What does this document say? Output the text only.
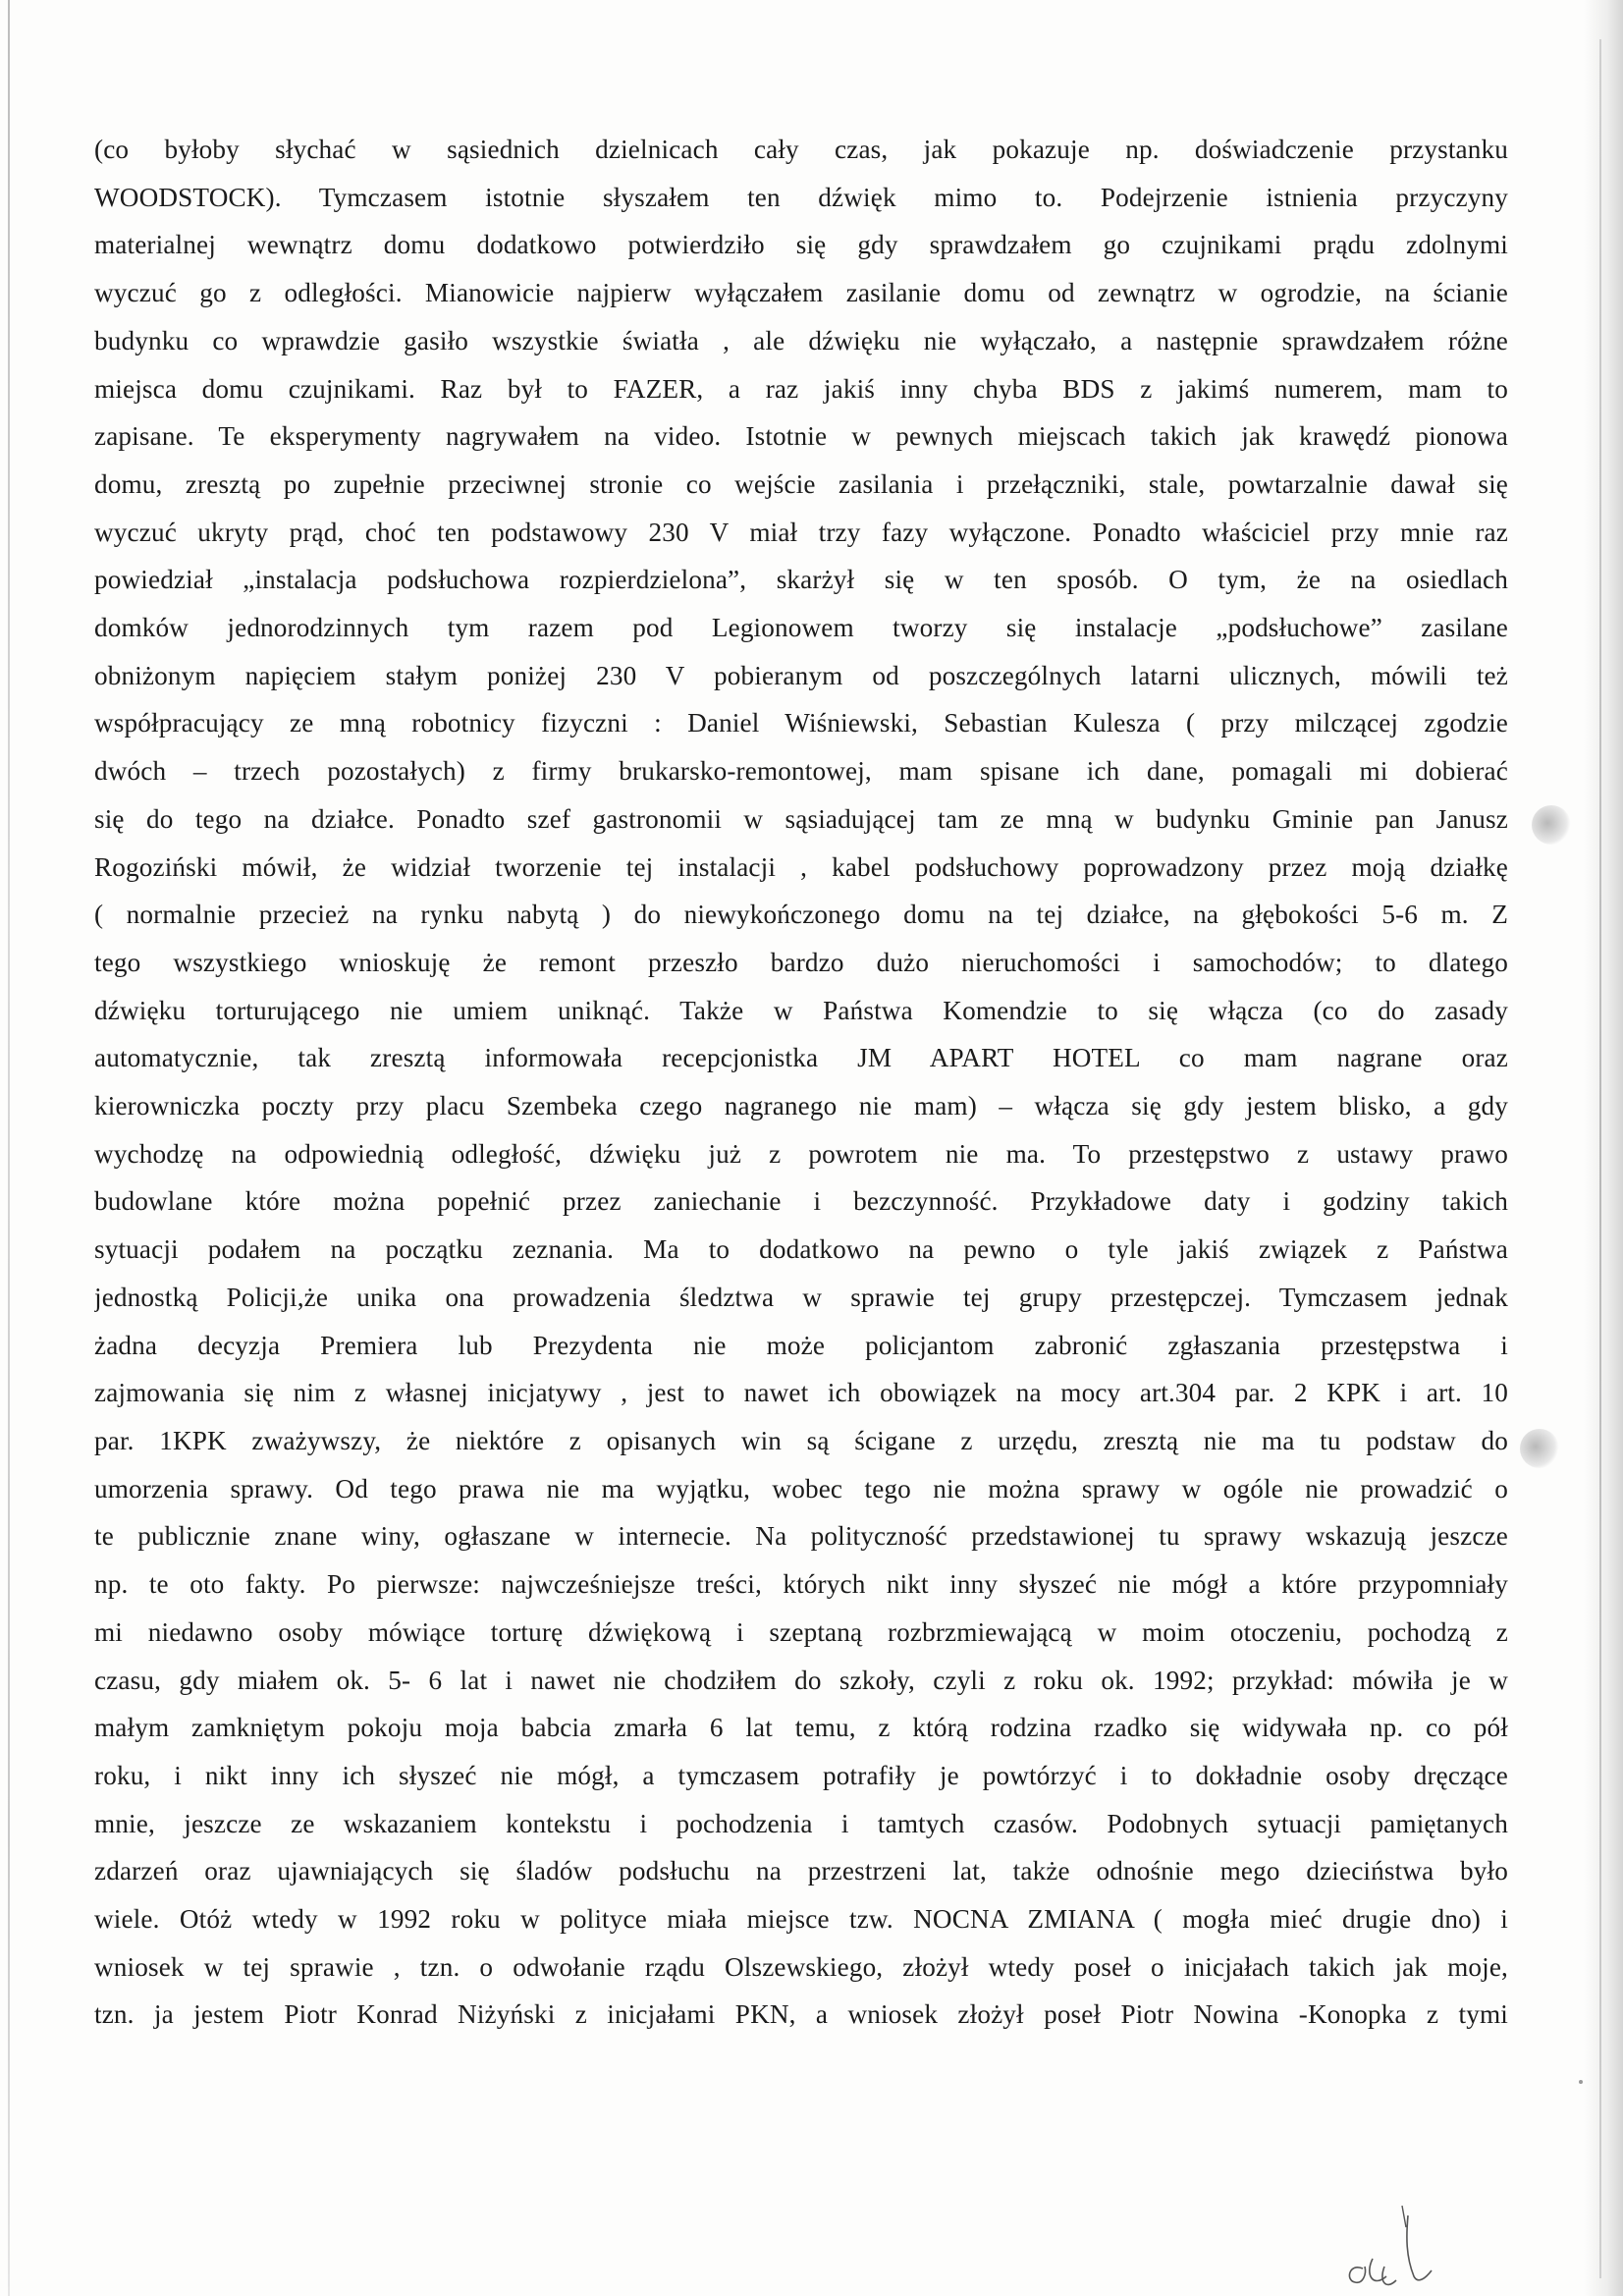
(co byłoby słychać w sąsiednich dzielnicach cały czas, jak pokazuje np. doświadczenie przystanku
WOODSTOCK). Tymczasem istotnie słyszałem ten dźwięk mimo to. Podejrzenie istnienia przyczyny
materialnej wewnątrz domu dodatkowo potwierdziło się gdy sprawdzałem go czujnikami prądu zdolnymi
wyczuć go z odległości. Mianowicie najpierw wyłączałem zasilanie domu od zewnątrz w ogrodzie, na ścianie
budynku co wprawdzie gasiło wszystkie światła , ale dźwięku nie wyłączało, a następnie sprawdzałem różne
miejsca domu czujnikami. Raz był to FAZER, a raz jakiś inny chyba BDS z jakimś numerem, mam to
zapisane. Te eksperymenty nagrywałem na video. Istotnie w pewnych miejscach takich jak krawędź pionowa
domu, zresztą po zupełnie przeciwnej stronie co wejście zasilania i przełączniki, stale, powtarzalnie dawał się
wyczuć ukryty prąd, choć ten podstawowy 230 V miał trzy fazy wyłączone. Ponadto właściciel przy mnie raz
powiedział „instalacja podsłuchowa rozpierdzielona”, skarżył się w ten sposób. O tym, że na osiedlach
domków jednorodzinnych tym razem pod Legionowem tworzy się instalacje „podsłuchowe” zasilane
obniżonym napięciem stałym poniżej 230 V pobieranym od poszczególnych latarni ulicznych, mówili też
współpracujący ze mną robotnicy fizyczni : Daniel Wiśniewski, Sebastian Kulesza ( przy milczącej zgodzie
dwóch – trzech pozostałych) z firmy brukarsko-remontowej, mam spisane ich dane, pomagali mi dobierać
się do tego na działce. Ponadto szef gastronomii w sąsiadującej tam ze mną w budynku Gminie pan Janusz
Rogoziński mówił, że widział tworzenie tej instalacji , kabel podsłuchowy poprowadzony przez moją działkę
( normalnie przecież na rynku nabytą ) do niewykończonego domu na tej działce, na głębokości 5-6 m. Z
tego wszystkiego wnioskuję że remont przeszło bardzo dużo nieruchomości i samochodów; to dlatego
dźwięku torturującego nie umiem uniknąć. Także w Państwa Komendzie to się włącza (co do zasady
automatycznie, tak zresztą informowała recepcjonistka JM APART HOTEL co mam nagrane oraz
kierowniczka poczty przy placu Szembeka czego nagranego nie mam) – włącza się gdy jestem blisko, a gdy
wychodzę na odpowiednią odległość, dźwięku już z powrotem nie ma. To przestępstwo z ustawy prawo
budowlane które można popełnić przez zaniechanie i bezczynność. Przykładowe daty i godziny takich
sytuacji podałem na początku zeznania. Ma to dodatkowo na pewno o tyle jakiś związek z Państwa
jednostką Policji,że unika ona prowadzenia śledztwa w sprawie tej grupy przestępczej. Tymczasem jednak
żadna decyzja Premiera lub Prezydenta nie może policjantom zabronić zgłaszania przestępstwa i
zajmowania się nim z własnej inicjatywy , jest to nawet ich obowiązek na mocy art.304 par. 2 KPK i art. 10
par. 1KPK zważywszy, że niektóre z opisanych win są ścigane z urzędu, zresztą nie ma tu podstaw do
umorzenia sprawy. Od tego prawa nie ma wyjątku, wobec tego nie można sprawy w ogóle nie prowadzić o
te publicznie znane winy, ogłaszane w internecie. Na polityczność przedstawionej tu sprawy wskazują jeszcze
np. te oto fakty. Po pierwsze: najwcześniejsze treści, których nikt inny słyszeć nie mógł a które przypomniały
mi niedawno osoby mówiące torturę dźwiękową i szeptaną rozbrzmiewającą w moim otoczeniu, pochodzą z
czasu, gdy miałem ok. 5- 6 lat i nawet nie chodziłem do szkoły, czyli z roku ok. 1992; przykład: mówiła je w
małym zamkniętym pokoju moja babcia zmarła 6 lat temu, z którą rodzina rzadko się widywała np. co pół
roku, i nikt inny ich słyszeć nie mógł, a tymczasem potrafiły je powtórzyć i to dokładnie osoby dręczące
mnie, jeszcze ze wskazaniem kontekstu i pochodzenia i tamtych czasów. Podobnych sytuacji pamiętanych
zdarzeń oraz ujawniających się śladów podsłuchu na przestrzeni lat, także odnośnie mego dzieciństwa było
wiele. Otóż wtedy w 1992 roku w polityce miała miejsce tzw. NOCNA ZMIANA ( mogła mieć drugie dno) i
wniosek w tej sprawie , tzn. o odwołanie rządu Olszewskiego, złożył wtedy poseł o inicjałach takich jak moje,
tzn. ja jestem Piotr Konrad Niżyński z inicjałami PKN, a wniosek złożył poseł Piotr Nowina -Konopka z tymi
